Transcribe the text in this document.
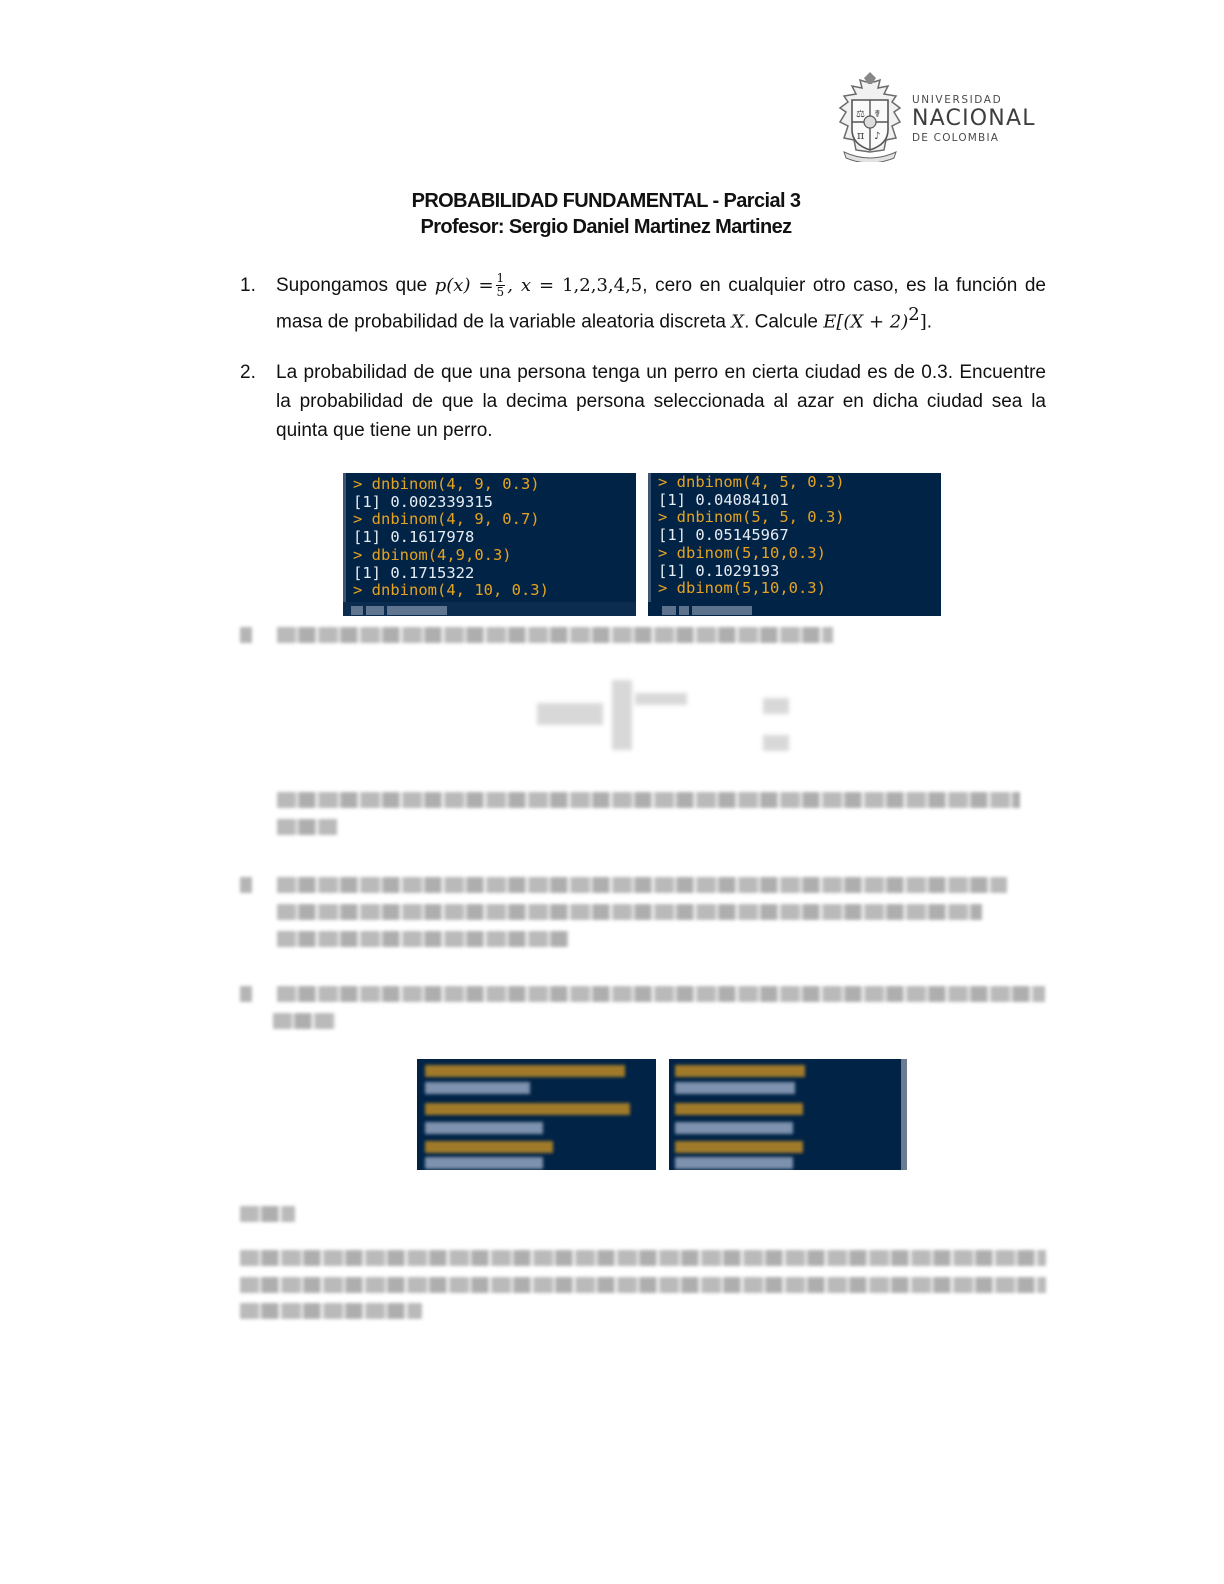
⚖ ☤
π ♪
UNIVERSIDAD
NACIONAL
DE COLOMBIA
PROBABILIDAD FUNDAMENTAL - Parcial 3
Profesor: Sergio Daniel Martinez Martinez
1. Supongamos que $p(x) = \frac{1}{5}$ , x = 1,2,3,4,5, cero en cualquier otro caso, es la función de masa de probabilidad de la variable aleatoria discreta X. Calcule $E[(X + 2)^2]$.
2. La probabilidad de que una persona tenga un perro en cierta ciudad es de 0.3. Encuentre la probabilidad de que la decima persona seleccionada al azar en dicha ciudad sea la quinta que tiene un perro.
> dnbinom(4, 9, 0.3)
[1] 0.002339315
> dnbinom(4, 9, 0.7)
[1] 0.1617978
> dbinom(4,9,0.3)
[1] 0.1715322
> dnbinom(4, 10, 0.3)
> dnbinom(4, 5, 0.3)
[1] 0.04084101
> dnbinom(5, 5, 0.3)
[1] 0.05145967
> dbinom(5,10,0.3)
[1] 0.1029193
> dbinom(5,10,0.3)
